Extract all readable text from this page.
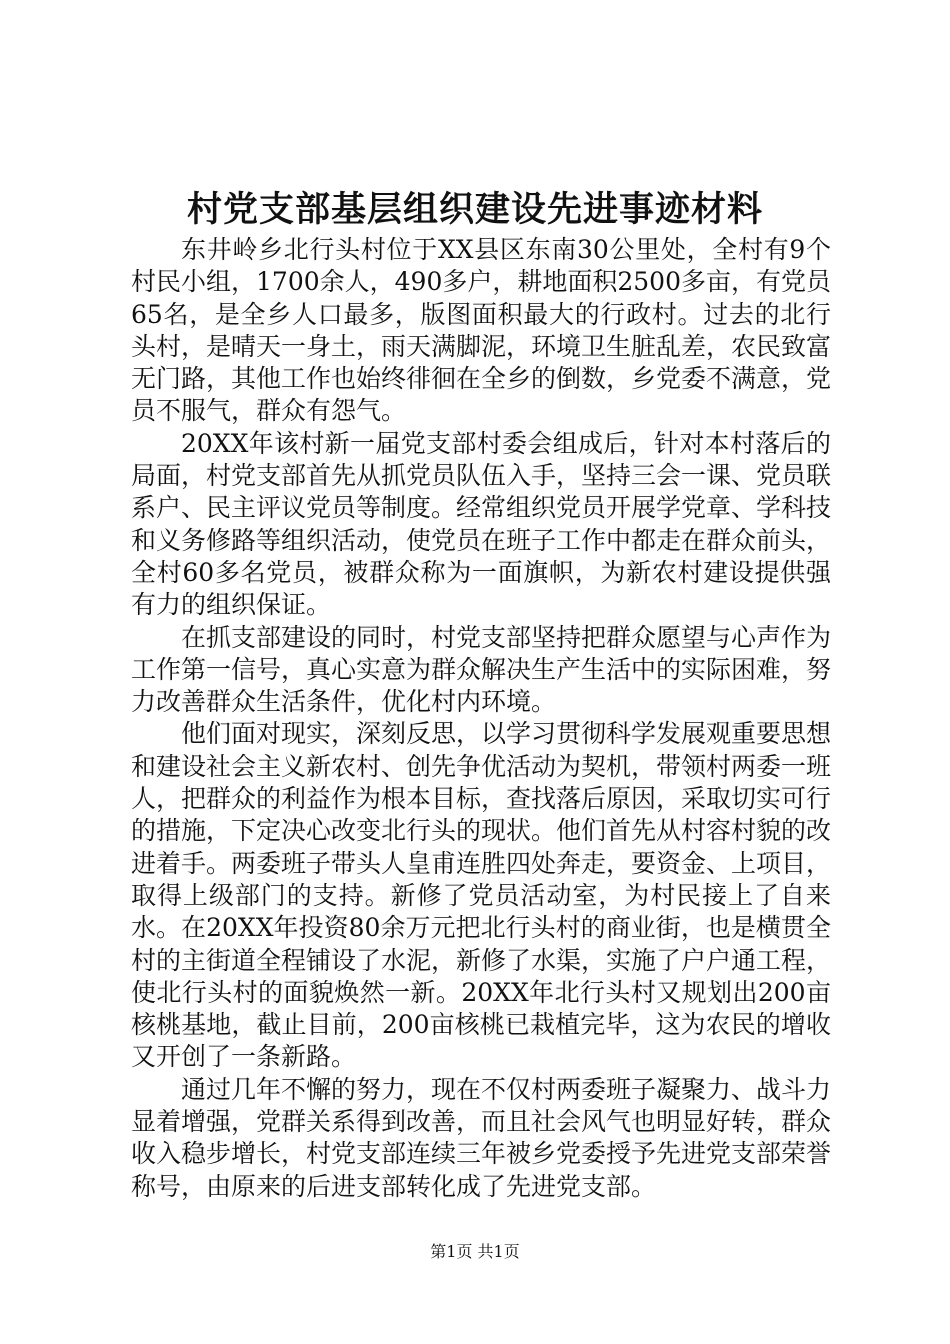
村党支部基层组织建设先进事迹材料

东井岭乡北行头村位于XX县区东南30公里处，全村有9个村民小组，1700余人，490多户，耕地面积2500多亩，有党员65名，是全乡人口最多，版图面积最大的行政村。过去的北行头村，是晴天一身土，雨天满脚泥，环境卫生脏乱差，农民致富无门路，其他工作也始终徘徊在全乡的倒数，乡党委不满意，党员不服气，群众有怨气。

20XX年该村新一届党支部村委会组成后，针对本村落后的局面，村党支部首先从抓党员队伍入手，坚持三会一课、党员联系户、民主评议党员等制度。经常组织党员开展学党章、学科技和义务修路等组织活动，使党员在班子工作中都走在群众前头，全村60多名党员，被群众称为一面旗帜，为新农村建设提供强有力的组织保证。

在抓支部建设的同时，村党支部坚持把群众愿望与心声作为工作第一信号，真心实意为群众解决生产生活中的实际困难，努力改善群众生活条件，优化村内环境。

他们面对现实，深刻反思，以学习贯彻科学发展观重要思想和建设社会主义新农村、创先争优活动为契机，带领村两委一班人，把群众的利益作为根本目标，查找落后原因，采取切实可行的措施，下定决心改变北行头的现状。他们首先从村容村貌的改进着手。两委班子带头人皇甫连胜四处奔走，要资金、上项目，取得上级部门的支持。新修了党员活动室，为村民接上了自来水。在20XX年投资80余万元把北行头村的商业街，也是横贯全村的主街道全程铺设了水泥，新修了水渠，实施了户户通工程，使北行头村的面貌焕然一新。20XX年北行头村又规划出200亩核桃基地，截止目前，200亩核桃已栽植完毕，这为农民的增收又开创了一条新路。

通过几年不懈的努力，现在不仅村两委班子凝聚力、战斗力显着增强，党群关系得到改善，而且社会风气也明显好转，群众收入稳步增长，村党支部连续三年被乡党委授予先进党支部荣誉称号，由原来的后进支部转化成了先进党支部。

第1页 共1页
